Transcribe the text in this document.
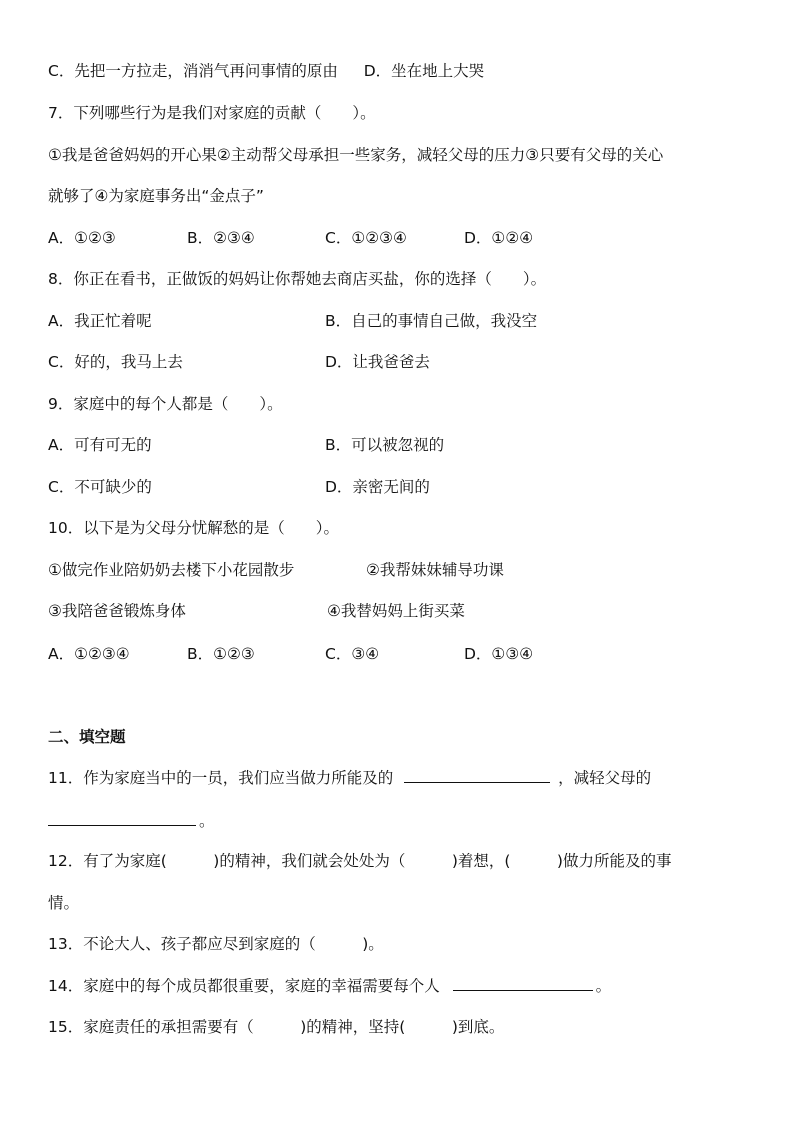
C．先把一方拉走，消消气再问事情的原由 D．坐在地上大哭
7．下列哪些行为是我们对家庭的贡献（　　）。
①我是爸爸妈妈的开心果②主动帮父母承担一些家务，减轻父母的压力③只要有父母的关心
就够了④为家庭事务出“金点子”
A．①②③	B．②③④	C．①②③④	D．①②④
8．你正在看书，正做饭的妈妈让你帮她去商店买盐，你的选择（　　）。
A．我正忙着呢	B．自己的事情自己做，我没空
C．好的，我马上去	D．让我爸爸去
9．家庭中的每个人都是（　　）。
A．可有可无的	B．可以被忽视的
C．不可缺少的	D．亲密无间的
10．以下是为父母分忧解愁的是（　　）。
①做完作业陪奶奶去楼下小花园散步	②我帮妹妹辅导功课
③我陪爸爸锻炼身体	④我替妈妈上街买菜
A．①②③④	B．①②③	C．③④	D．①③④
二、填空题
11．作为家庭当中的一员，我们应当做力所能及的	，减轻父母的
。
12．有了为家庭(　　　)的精神，我们就会处处为（　　　)着想，(　　　)做力所能及的事
情。
13．不论大人、孩子都应尽到家庭的（　　　)。
14．家庭中的每个成员都很重要，家庭的幸福需要每个人	。
15．家庭责任的承担需要有（　　　)的精神，坚持(　　　)到底。
